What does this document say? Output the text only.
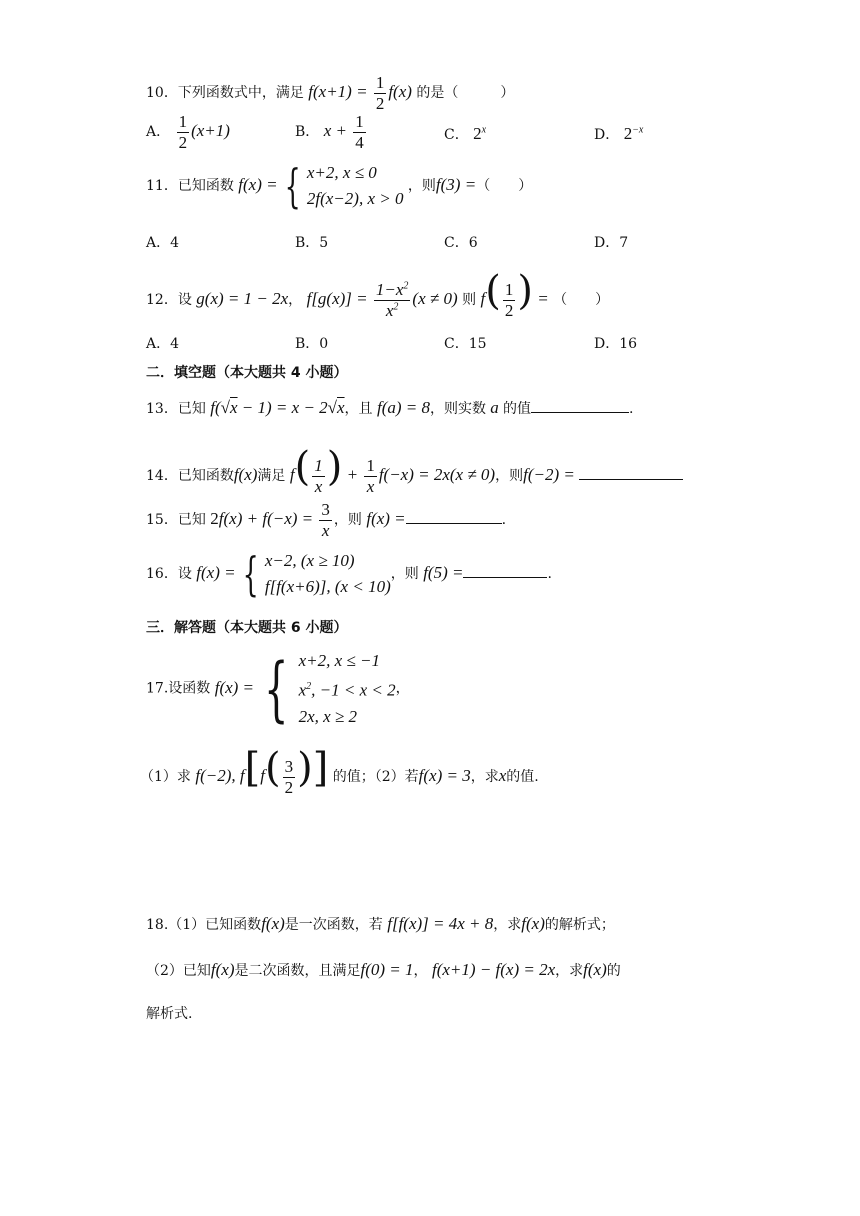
10．下列函数式中，满足 $f(x+1) = \frac{1}{2} f(x)$ 的是（　　　）
A． $\frac{1}{2} (x+1)$	B． $x + \frac{1}{4}$	C． 2$^x$	D． $2^{-x}$
11．已知函数 f(x) = { x+2, x ≤ 0
2f(x−2), x > 0
，则f(3) =（　　）
A．4	B．5	C．6	D．7
12．设 g(x) = 1 − 2x， $f[g(x)] = \frac{1-x^2}{x^2} (x \ne 0)$ 则 $f( \frac{1}{2}$ ) = （　　）
A．4	B．0	C．15	D．16
二．填空题（本大题共 4 小题）
13．已知 f(√x − 1) = x − 2√x，且 f(a) = 8，则实数 a 的值	.
14．已知函数f(x)满足 $f( \frac{1}{x}$ ) + $\frac{1}{x} f(-x) = 2x(x \ne 0)$，则f(−2) =
15．已知 $2f(x) + f(-x) = \frac{3}{x}$ ，则 f(x) =	.
16．设 f(x) = { x−2, (x ≥ 10)
f[f(x+6)], (x < 10)
，则 f(5) =	.
三．解答题（本大题共 6 小题）
17.设函数 f(x) = { x+2, x ≤ −1
$x^2$, −1 < x < 2
2x, x ≥ 2
，
（1）求 f(−2), $f[f( \frac{3}{2}$ )] 的值；（2）若f(x) = 3，求x的值.
18.（1）已知函数f(x)是一次函数，若 f[f(x)] = 4x + 8，求f(x)的解析式；
（2）已知f(x)是二次函数，且满足f(0) = 1， f(x+1) − f(x) = 2x，求f(x)的
解析式.
